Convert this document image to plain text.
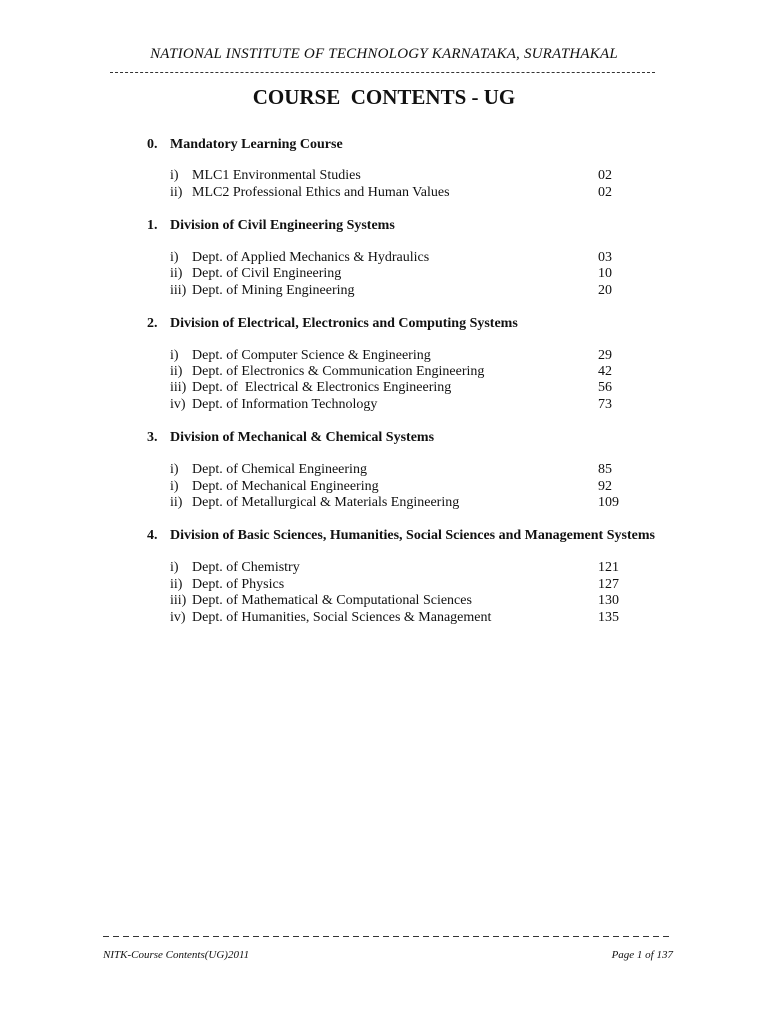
NATIONAL INSTITUTE OF TECHNOLOGY KARNATAKA, SURATHAKAL
COURSE  CONTENTS - UG
0. Mandatory Learning Course
i) MLC1 Environmental Studies	02
ii) MLC2 Professional Ethics and Human Values	02
1. Division of Civil Engineering Systems
i) Dept. of Applied Mechanics & Hydraulics	03
ii) Dept. of Civil Engineering	10
iii) Dept. of Mining Engineering	20
2. Division of Electrical, Electronics and Computing Systems
i) Dept. of Computer Science & Engineering	29
ii) Dept. of Electronics & Communication Engineering	42
iii) Dept. of  Electrical & Electronics Engineering	56
iv) Dept. of Information Technology	73
3. Division of Mechanical & Chemical Systems
i) Dept. of Chemical Engineering	85
i) Dept. of Mechanical Engineering	92
ii) Dept. of Metallurgical & Materials Engineering	109
4. Division of Basic Sciences, Humanities, Social Sciences and Management Systems
i) Dept. of Chemistry	121
ii) Dept. of Physics	127
iii) Dept. of Mathematical & Computational Sciences	130
iv) Dept. of Humanities, Social Sciences & Management	135
NITK-Course Contents(UG)2011	Page 1 of 137
